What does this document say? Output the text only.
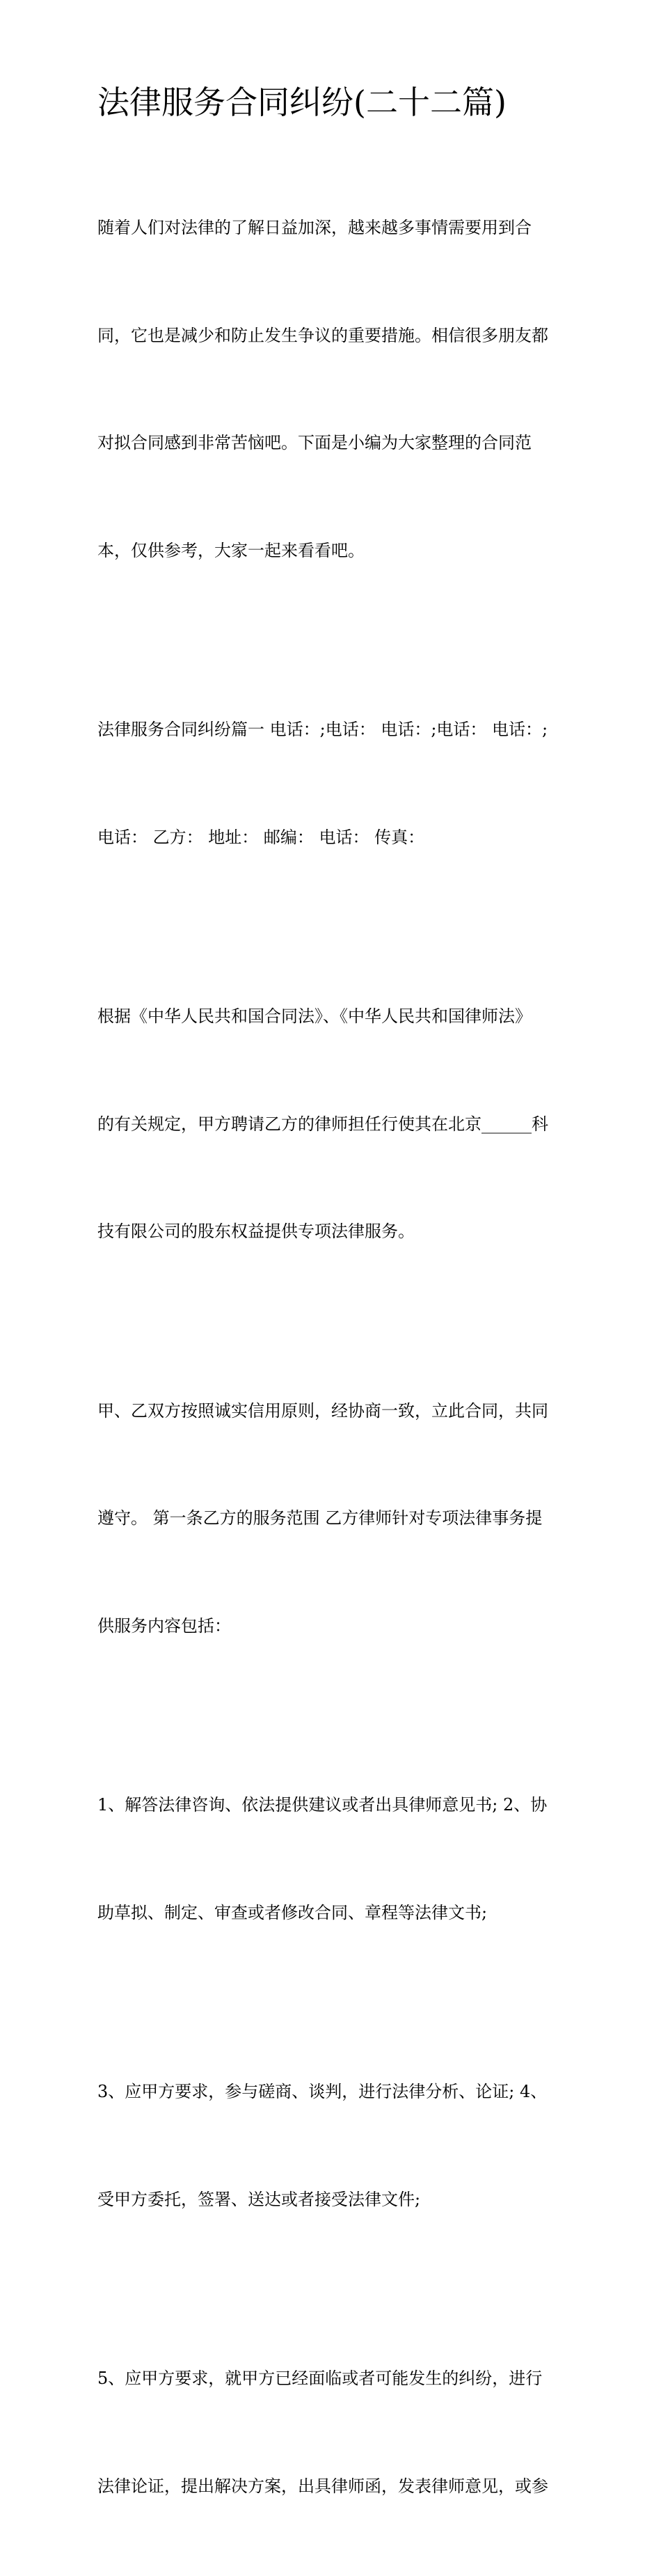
法律服务合同纠纷(二十二篇)

随着人们对法律的了解日益加深，越来越多事情需要用到合

同，它也是减少和防止发生争议的重要措施。相信很多朋友都

对拟合同感到非常苦恼吧。下面是小编为大家整理的合同范

本，仅供参考，大家一起来看看吧。

法律服务合同纠纷篇一 电话：;电话： 电话：;电话： 电话：;

电话： 乙方： 地址： 邮编： 电话： 传真：

根据《中华人民共和国合同法》、《中华人民共和国律师法》

的有关规定，甲方聘请乙方的律师担任行使其在北京______科

技有限公司的股东权益提供专项法律服务。

甲、乙双方按照诚实信用原则，经协商一致，立此合同，共同

遵守。 第一条乙方的服务范围 乙方律师针对专项法律事务提

供服务内容包括：

1、解答法律咨询、依法提供建议或者出具律师意见书; 2、协

助草拟、制定、审查或者修改合同、章程等法律文书;

3、应甲方要求，参与磋商、谈判，进行法律分析、论证; 4、

受甲方委托，签署、送达或者接受法律文件;

5、应甲方要求，就甲方已经面临或者可能发生的纠纷，进行

法律论证，提出解决方案，出具律师函，发表律师意见，或参
